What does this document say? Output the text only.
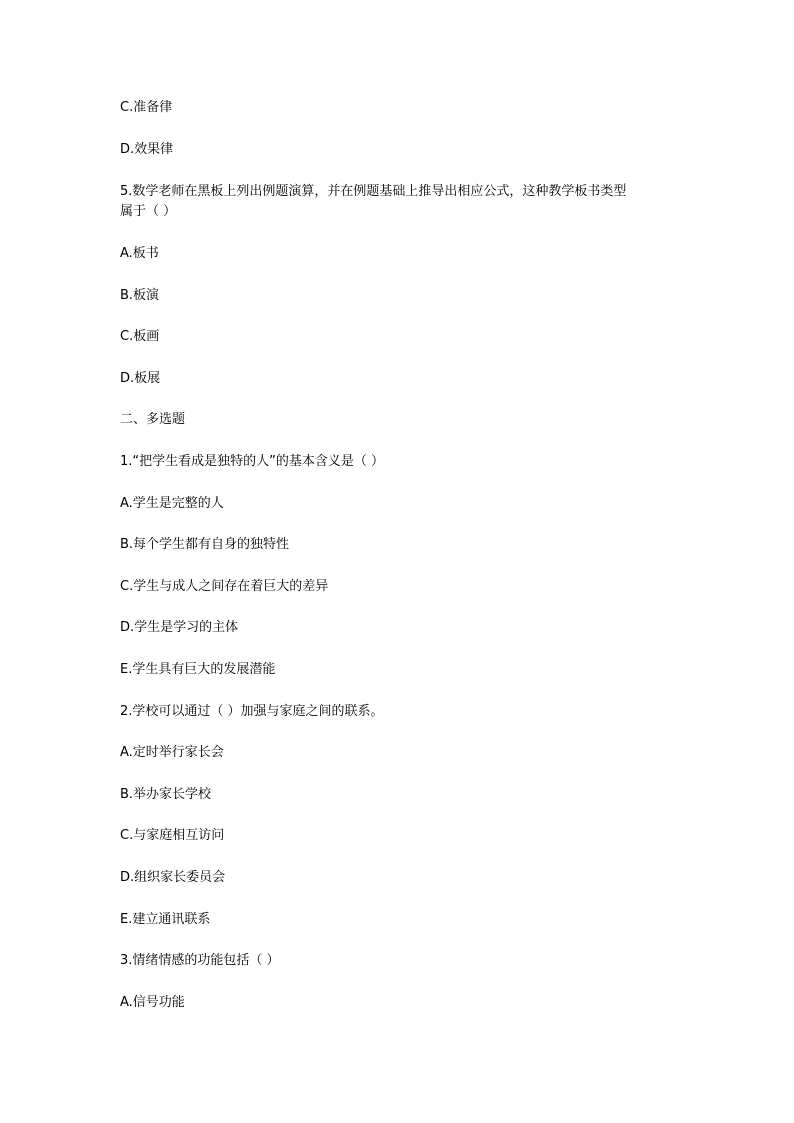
C.准备律
D.效果律
5.数学老师在黑板上列出例题演算，并在例题基础上推导出相应公式，这种教学板书类型
属于（ ）
A.板书
B.板演
C.板画
D.板展
二、多选题
1.“把学生看成是独特的人”的基本含义是（ ）
A.学生是完整的人
B.每个学生都有自身的独特性
C.学生与成人之间存在着巨大的差异
D.学生是学习的主体
E.学生具有巨大的发展潜能
2.学校可以通过（ ）加强与家庭之间的联系。
A.定时举行家长会
B.举办家长学校
C.与家庭相互访问
D.组织家长委员会
E.建立通讯联系
3.情绪情感的功能包括（ ）
A.信号功能
